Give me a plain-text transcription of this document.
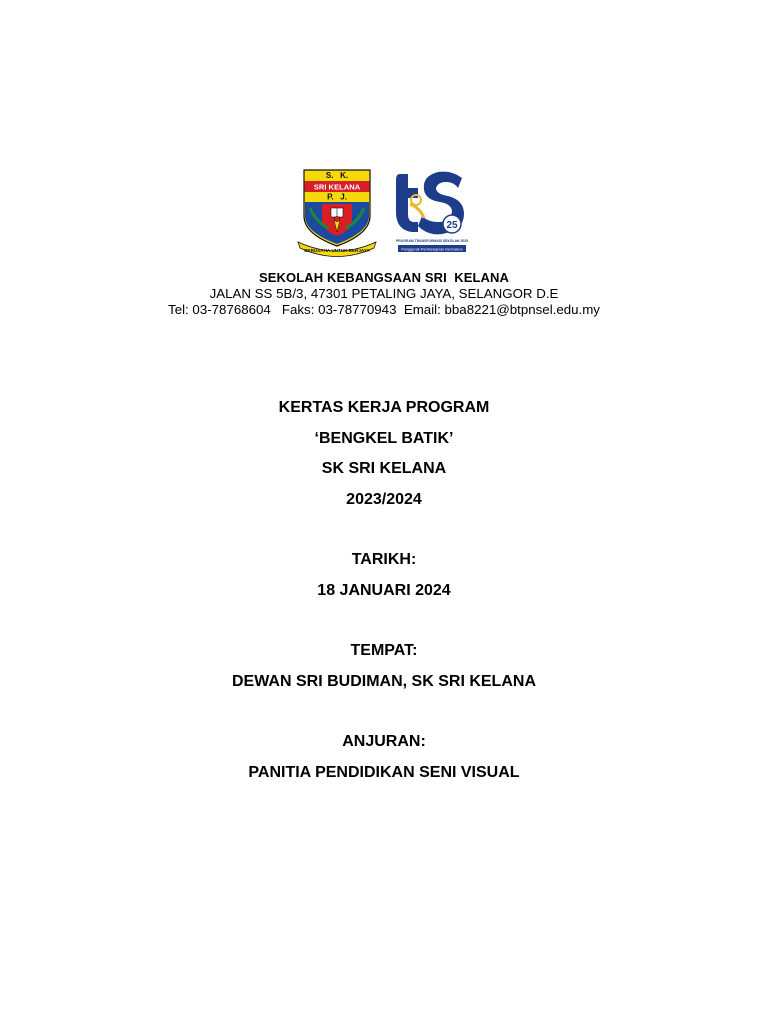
BERUSAHA UNTUK BERJAYA
S.   K.
SRI KELANA
P.   J.
25
PROGRAM TRANSFORMASI SEKOLAH 2025
Penggerak Pembelajaran Bermakna
SEKOLAH KEBANGSAAN SRI  KELANA
JALAN SS 5B/3, 47301 PETALING JAYA, SELANGOR D.E
Tel: 03-78768604   Faks: 03-78770943  Email: bba8221@btpnsel.edu.my
KERTAS KERJA PROGRAM
‘BENGKEL BATIK’
SK SRI KELANA
2023/2024
TARIKH:
18 JANUARI 2024
TEMPAT:
DEWAN SRI BUDIMAN, SK SRI KELANA
ANJURAN:
PANITIA PENDIDIKAN SENI VISUAL
